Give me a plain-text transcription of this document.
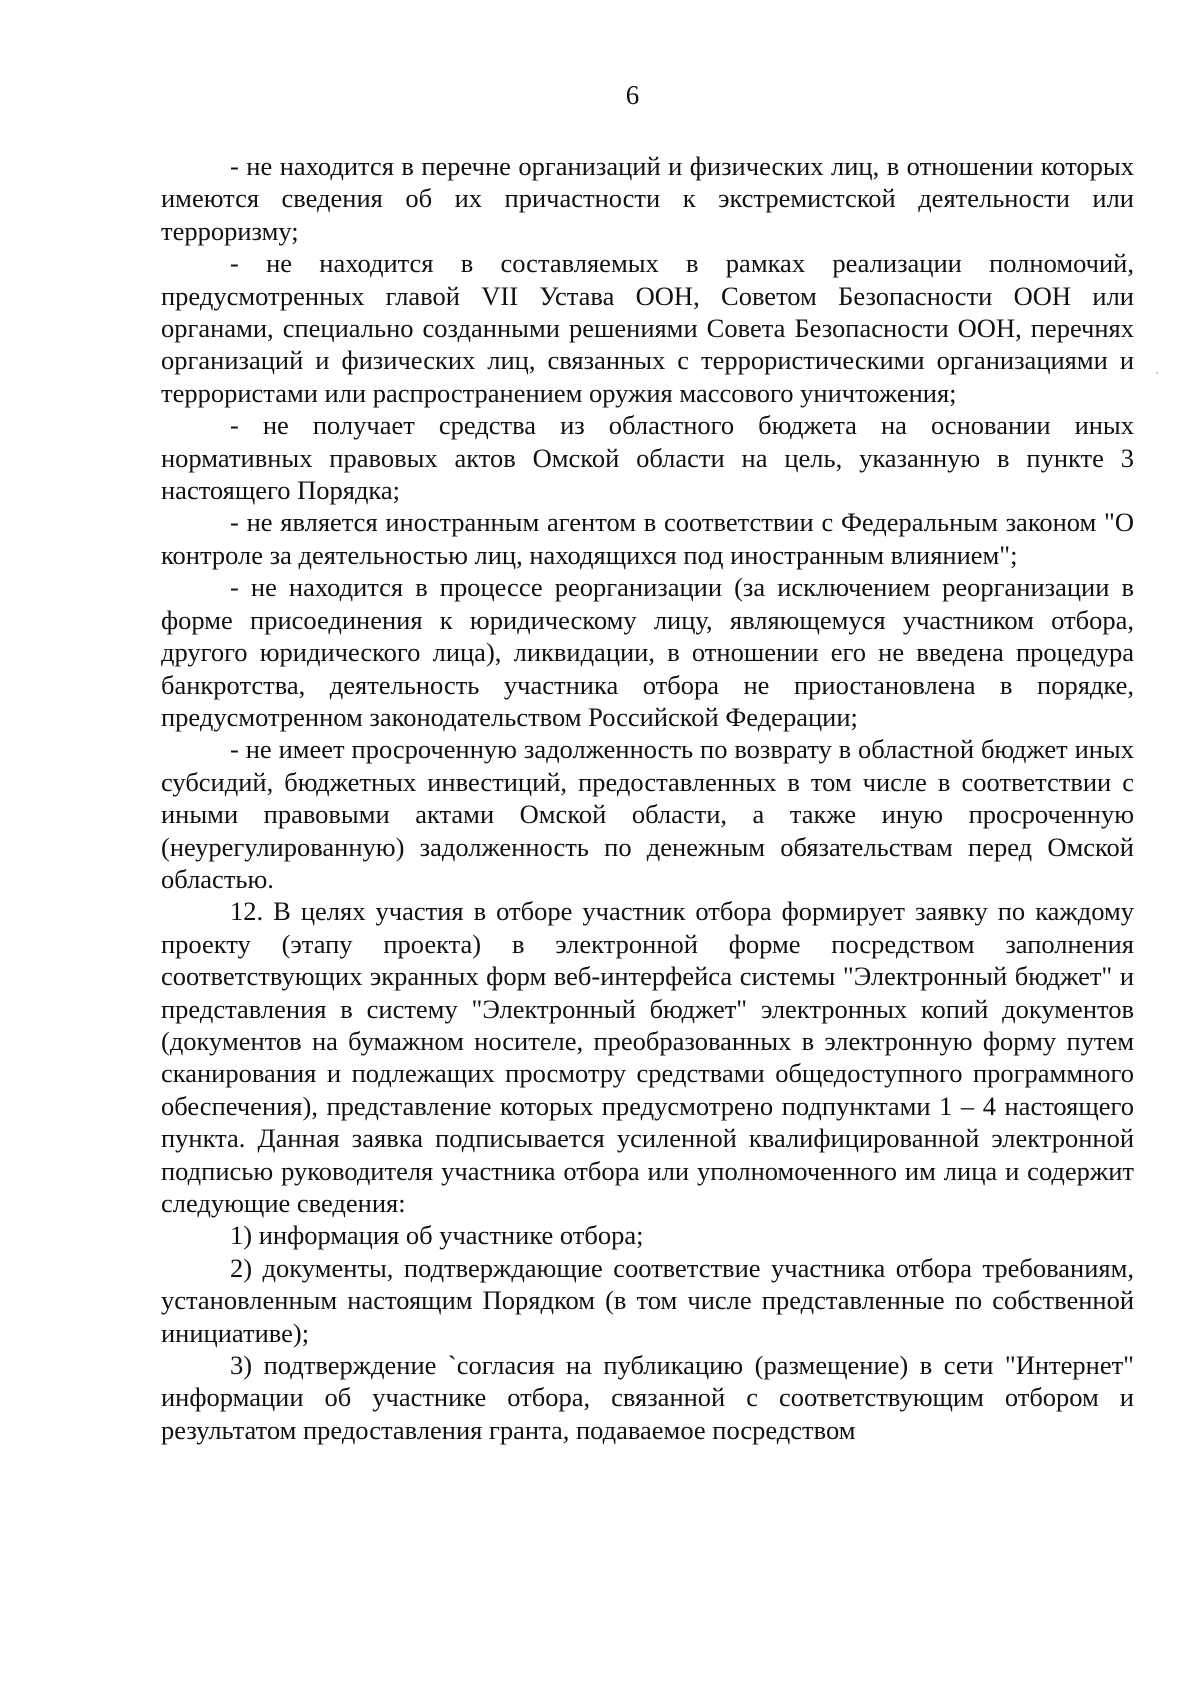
6

- не находится в перечне организаций и физических лиц, в отношении которых имеются сведения об их причастности к экстремистской деятельности или терроризму;

- не находится в составляемых в рамках реализации полномочий, предусмотренных главой VII Устава ООН, Советом Безопасности ООН или органами, специально созданными решениями Совета Безопасности ООН, перечнях организаций и физических лиц, связанных с террористическими организациями и террористами или распространением оружия массового уничтожения;

- не получает средства из областного бюджета на основании иных нормативных правовых актов Омской области на цель, указанную в пункте 3 настоящего Порядка;

- не является иностранным агентом в соответствии с Федеральным законом "О контроле за деятельностью лиц, находящихся под иностранным влиянием";

- не находится в процессе реорганизации (за исключением реорганизации в форме присоединения к юридическому лицу, являющемуся участником отбора, другого юридического лица), ликвидации, в отношении его не введена процедура банкротства, деятельность участника отбора не приостановлена в порядке, предусмотренном законодательством Российской Федерации;

- не имеет просроченную задолженность по возврату в областной бюджет иных субсидий, бюджетных инвестиций, предоставленных в том числе в соответствии с иными правовыми актами Омской области, а также иную просроченную (неурегулированную) задолженность по денежным обязательствам перед Омской областью.

12. В целях участия в отборе участник отбора формирует заявку по каждому проекту (этапу проекта) в электронной форме посредством заполнения соответствующих экранных форм веб-интерфейса системы "Электронный бюджет" и представления в систему "Электронный бюджет" электронных копий документов (документов на бумажном носителе, преобразованных в электронную форму путем сканирования и подлежащих просмотру средствами общедоступного программного обеспечения), представление которых предусмотрено подпунктами 1 – 4 настоящего пункта. Данная заявка подписывается усиленной квалифицированной электронной подписью руководителя участника отбора или уполномоченного им лица и содержит следующие сведения:

1) информация об участнике отбора;

2) документы, подтверждающие соответствие участника отбора требованиям, установленным настоящим Порядком (в том числе представленные по собственной инициативе);

3) подтверждение `согласия на публикацию (размещение) в сети "Интернет" информации об участнике отбора, связанной с соответствующим отбором и результатом предоставления гранта, подаваемое посредством
